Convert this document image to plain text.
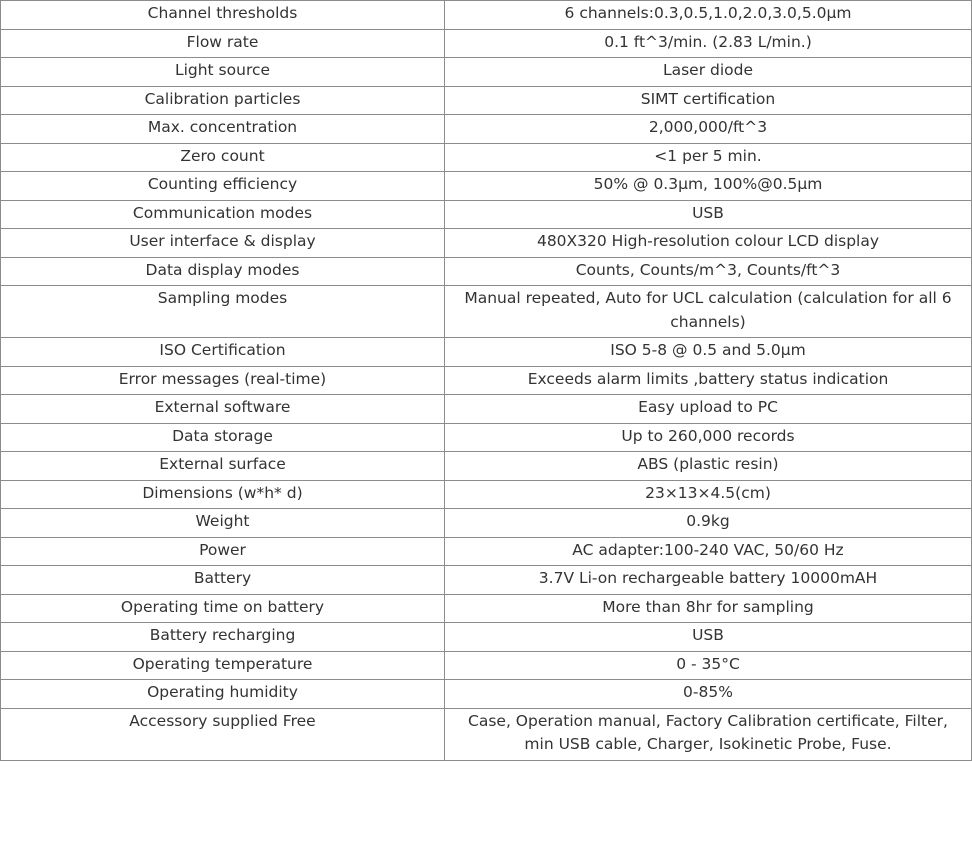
Channel thresholds	6 channels:0.3,0.5,1.0,2.0,3.0,5.0μm
Flow rate	0.1 ft^3/min. (2.83 L/min.)
Light source	Laser diode
Calibration particles	SIMT certification
Max. concentration	2,000,000/ft^3
Zero count	<1 per 5 min.
Counting efficiency	50% @ 0.3μm, 100%@0.5μm
Communication modes	USB
User interface & display	480X320 High-resolution colour LCD display
Data display modes	Counts, Counts/m^3, Counts/ft^3
Sampling modes	Manual repeated, Auto for UCL calculation (calculation for all 6 channels)
ISO Certification	ISO 5-8 @ 0.5 and 5.0μm
Error messages (real-time)	Exceeds alarm limits ,battery status indication
External software	Easy upload to PC
Data storage	Up to 260,000 records
External surface	ABS (plastic resin)
Dimensions (w*h* d)	23×13×4.5(cm)
Weight	0.9kg
Power	AC adapter:100-240 VAC, 50/60 Hz
Battery	3.7V Li-on rechargeable battery 10000mAH
Operating time on battery	More than 8hr for sampling
Battery recharging	USB
Operating temperature	0 - 35°C
Operating humidity	0-85%
Accessory supplied Free	Case, Operation manual, Factory Calibration certificate, Filter, min USB cable, Charger, Isokinetic Probe, Fuse.
